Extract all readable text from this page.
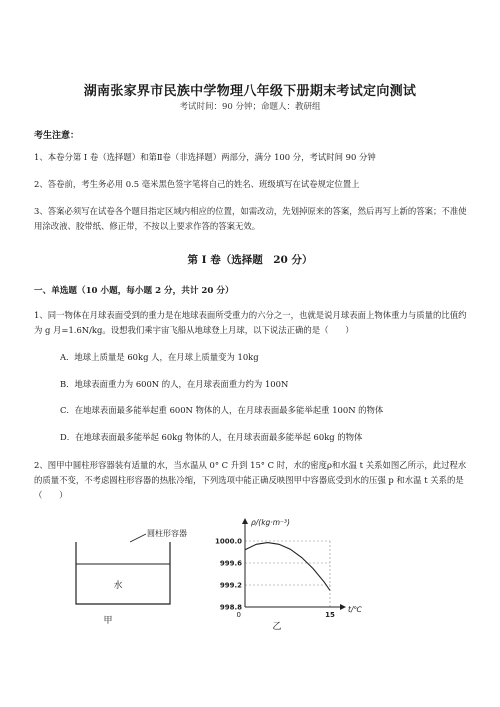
湖南张家界市民族中学物理八年级下册期末考试定向测试
考试时间：90 分钟；命题人：教研组
考生注意：
1、本卷分第 I 卷（选择题）和第Ⅱ卷（非选择题）两部分，满分 100 分，考试时间 90 分钟
2、答卷前，考生务必用 0.5 毫米黑色签字笔将自己的姓名、班级填写在试卷规定位置上
3、答案必须写在试卷各个题目指定区域内相应的位置，如需改动，先划掉原来的答案，然后再写上新的答案；不准使用涂改液、胶带纸、修正带，不按以上要求作答的答案无效。
第 I 卷（选择题　20 分）
一、单选题（10 小题，每小题 2 分，共计 20 分）
1、同一物体在月球表面受到的重力是在地球表面所受重力的六分之一，也就是说月球表面上物体重力与质量的比值约为 g 月=1.6N/kg。设想我们乘宇宙飞船从地球登上月球，以下说法正确的是（　　）
A．地球上质量是 60kg 人，在月球上质量变为 10kg
B．地球表面重力为 600N 的人，在月球表面重力约为 100N
C．在地球表面最多能举起重 600N 物体的人，在月球表面最多能举起重 100N 的物体
D．在地球表面最多能举起 60kg 物体的人，在月球表面最多能举起 60kg 的物体
2、图甲中圆柱形容器装有适量的水，当水温从 0° C 升到 15° C 时，水的密度ρ和水温 t 关系如图乙所示，此过程水的质量不变，不考虑圆柱形容器的热胀冷缩，下列选项中能正确反映图甲中容器底受到水的压强 p 和水温 t 关系的是（　　）
圆柱形容器
水
甲
ρ/(kg·m⁻³)
t/℃
0
1000.0
999.6
999.2
998.8
15
乙
